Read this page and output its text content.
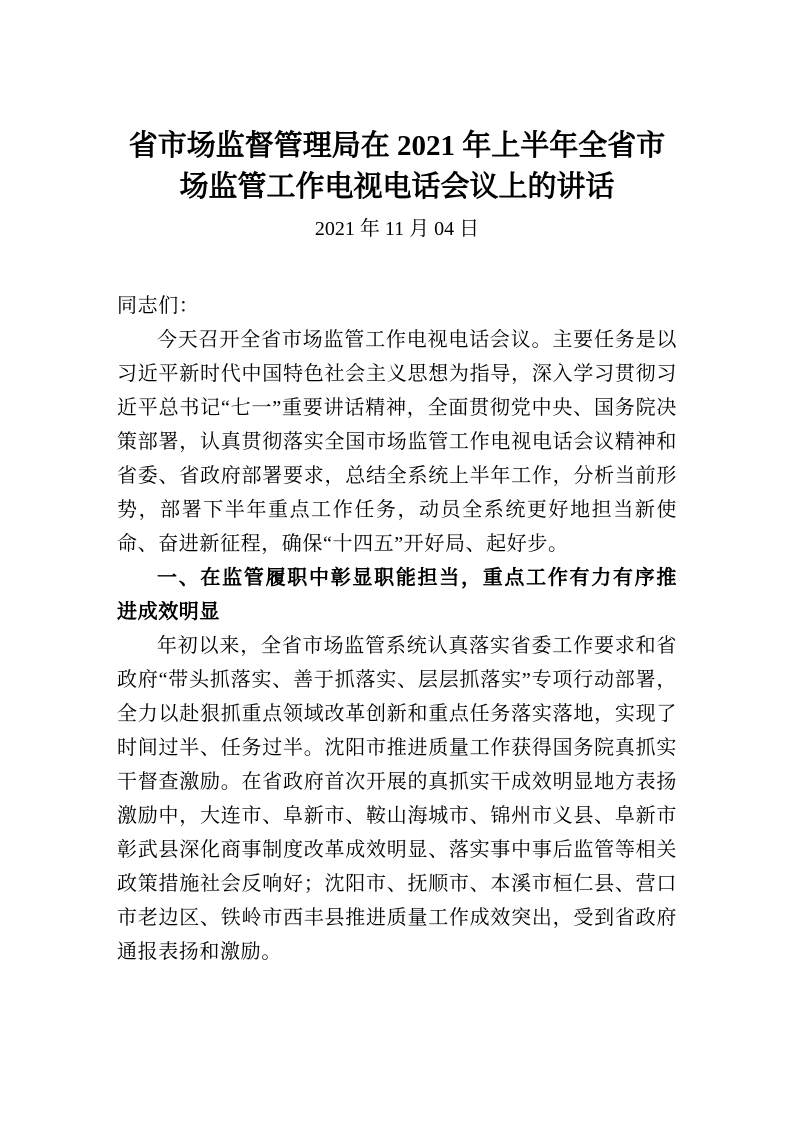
省市场监督管理局在 2021 年上半年全省市
场监管工作电视电话会议上的讲话
2021 年 11 月 04 日

同志们：

今天召开全省市场监管工作电视电话会议。主要任务是以习近平新时代中国特色社会主义思想为指导，深入学习贯彻习近平总书记“七一”重要讲话精神，全面贯彻党中央、国务院决策部署，认真贯彻落实全国市场监管工作电视电话会议精神和省委、省政府部署要求，总结全系统上半年工作，分析当前形势，部署下半年重点工作任务，动员全系统更好地担当新使命、奋进新征程，确保“十四五”开好局、起好步。

一、在监管履职中彰显职能担当，重点工作有力有序推 进成效明显

年初以来，全省市场监管系统认真落实省委工作要求和省政府“带头抓落实、善于抓落实、层层抓落实”专项行动部署，全力以赴狠抓重点领域改革创新和重点任务落实落地，实现了时间过半、任务过半。沈阳市推进质量工作获得国务院真抓实干督查激励。在省政府首次开展的真抓实干成效明显地方表扬激励中，大连市、阜新市、鞍山海城市、锦州市义县、阜新市彰武县深化商事制度改革成效明显、落实事中事后监管等相关政策措施社会反响好；沈阳市、抚顺市、本溪市桓仁县、营口市老边区、铁岭市西丰县推进质量工作成效突出，受到省政府通报表扬和激励。
